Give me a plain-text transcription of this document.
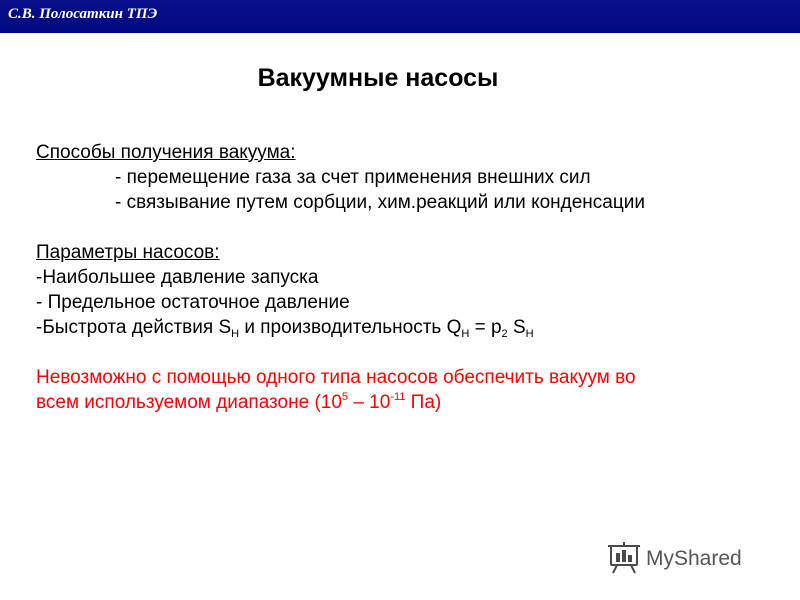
С.В. Полосаткин ТПЭ
Вакуумные насосы
Способы получения вакуума:
- перемещение газа за счет применения внешних сил
- связывание путем сорбции, хим.реакций или конденсации
Параметры насосов:
-Наибольшее давление запуска
- Предельное остаточное давление
-Быстрота действия $S_Н$ и производительность $Q_Н = p_2$ $S_Н$
Невозможно с помощью одного типа насосов обеспечить вакуум во
всем используемом диапазоне ($10^5 - 10^{-11}$ Па)
MyShared
